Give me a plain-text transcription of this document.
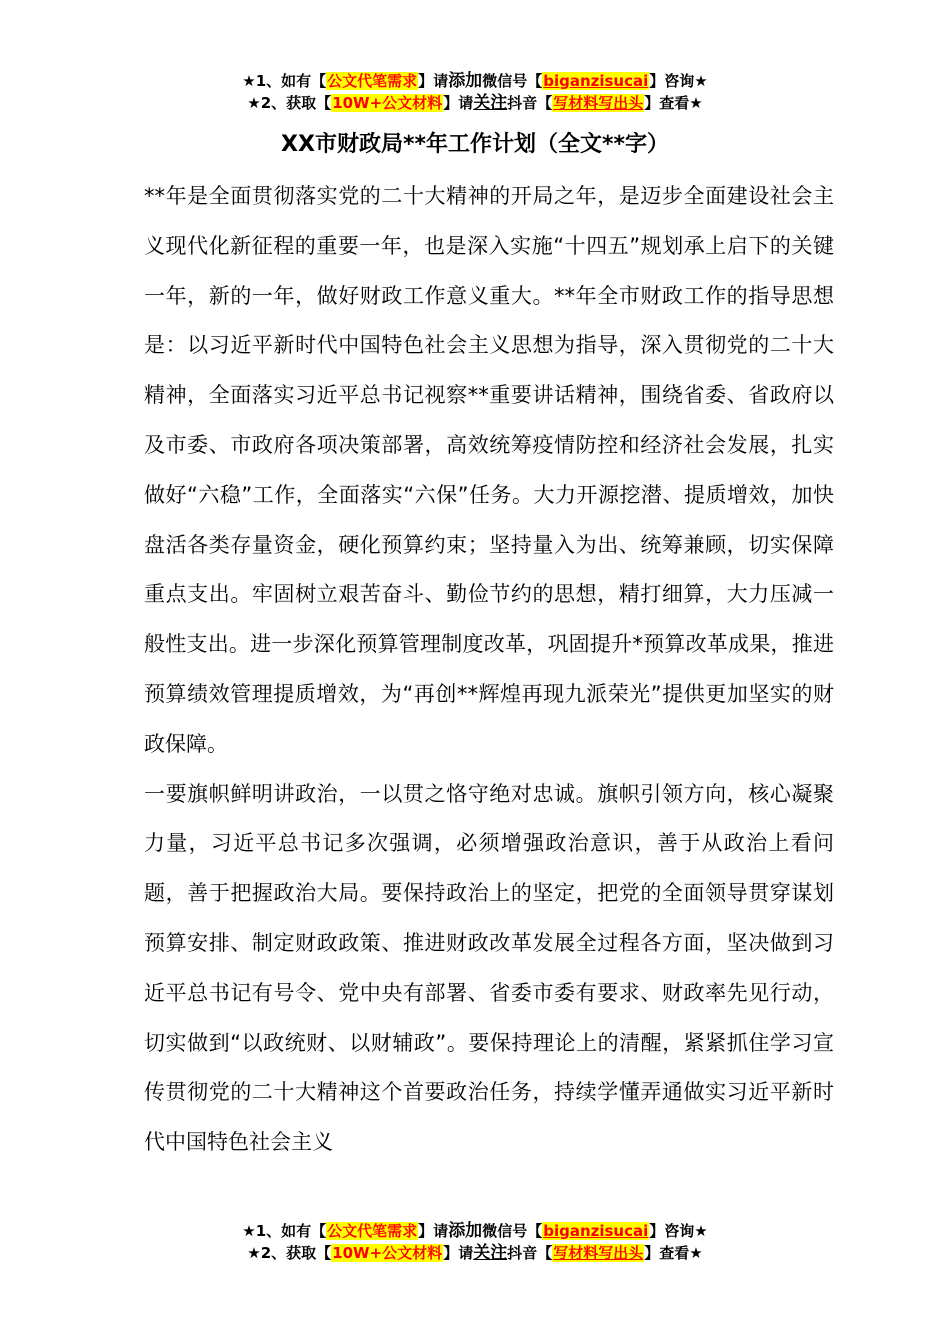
★1、如有【公文代笔需求】请添加微信号【biganzisucai】咨询★
★2、获取【10W+公文材料】请关注抖音【写材料写出头】查看★
XX市财政局**年工作计划（全文**字）

**年是全面贯彻落实党的二十大精神的开局之年，是迈步全面建设社会主义现代化新征程的重要一年，也是深入实施“十四五”规划承上启下的关键一年，新的一年，做好财政工作意义重大。**年全市财政工作的指导思想是：以习近平新时代中国特色社会主义思想为指导，深入贯彻党的二十大精神，全面落实习近平总书记视察**重要讲话精神，围绕省委、省政府以及市委、市政府各项决策部署，高效统筹疫情防控和经济社会发展，扎实做好“六稳”工作，全面落实“六保”任务。大力开源挖潜、提质增效，加快盘活各类存量资金，硬化预算约束；坚持量入为出、统筹兼顾，切实保障重点支出。牢固树立艰苦奋斗、勤俭节约的思想，精打细算，大力压减一般性支出。进一步深化预算管理制度改革，巩固提升*预算改革成果，推进预算绩效管理提质增效，为“再创**辉煌再现九派荣光”提供更加坚实的财政保障。

一要旗帜鲜明讲政治，一以贯之恪守绝对忠诚。旗帜引领方向，核心凝聚力量，习近平总书记多次强调，必须增强政治意识，善于从政治上看问题，善于把握政治大局。要保持政治上的坚定，把党的全面领导贯穿谋划预算安排、制定财政政策、推进财政改革发展全过程各方面，坚决做到习近平总书记有号令、党中央有部署、省委市委有要求、财政率先见行动，切实做到“以政统财、以财辅政”。要保持理论上的清醒，紧紧抓住学习宣传贯彻党的二十大精神这个首要政治任务，持续学懂弄通做实习近平新时代中国特色社会主义

★1、如有【公文代笔需求】请添加微信号【biganzisucai】咨询★
★2、获取【10W+公文材料】请关注抖音【写材料写出头】查看★
